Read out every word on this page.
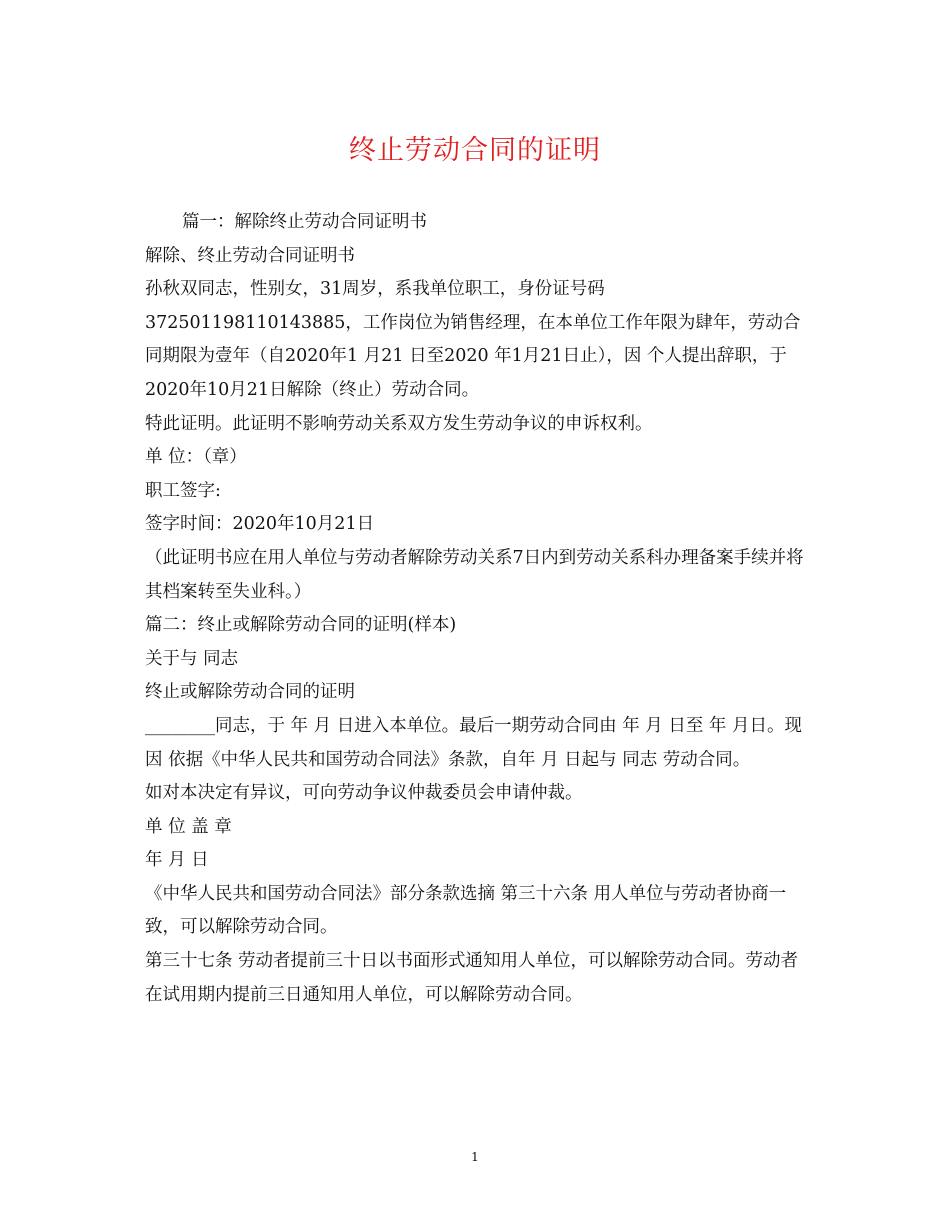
终止劳动合同的证明

篇一：解除终止劳动合同证明书

解除、终止劳动合同证明书

孙秋双同志，性别女，31周岁，系我单位职工，身份证号码

372501198110143885，工作岗位为销售经理，在本单位工作年限为肆年，劳动合同期限为壹年（自2020年1 月21 日至2020 年1月21日止），因 个人提出辞职，于2020年10月21日解除（终止）劳动合同。

特此证明。此证明不影响劳动关系双方发生劳动争议的申诉权利。

单 位：（章）

职工签字:

签字时间：2020年10月21日

（此证明书应在用人单位与劳动者解除劳动关系7日内到劳动关系科办理备案手续并将其档案转至失业科。）

篇二：终止或解除劳动合同的证明(样本)

关于与 同志

终止或解除劳动合同的证明

________同志，于 年 月 日进入本单位。最后一期劳动合同由 年 月 日至 年 月日。现因 依据《中华人民共和国劳动合同法》条款，自年 月 日起与 同志 劳动合同。

如对本决定有异议，可向劳动争议仲裁委员会申请仲裁。

单 位 盖 章

年 月 日

《中华人民共和国劳动合同法》部分条款选摘 第三十六条 用人单位与劳动者协商一致，可以解除劳动合同。

第三十七条 劳动者提前三十日以书面形式通知用人单位，可以解除劳动合同。劳动者在试用期内提前三日通知用人单位，可以解除劳动合同。

1
